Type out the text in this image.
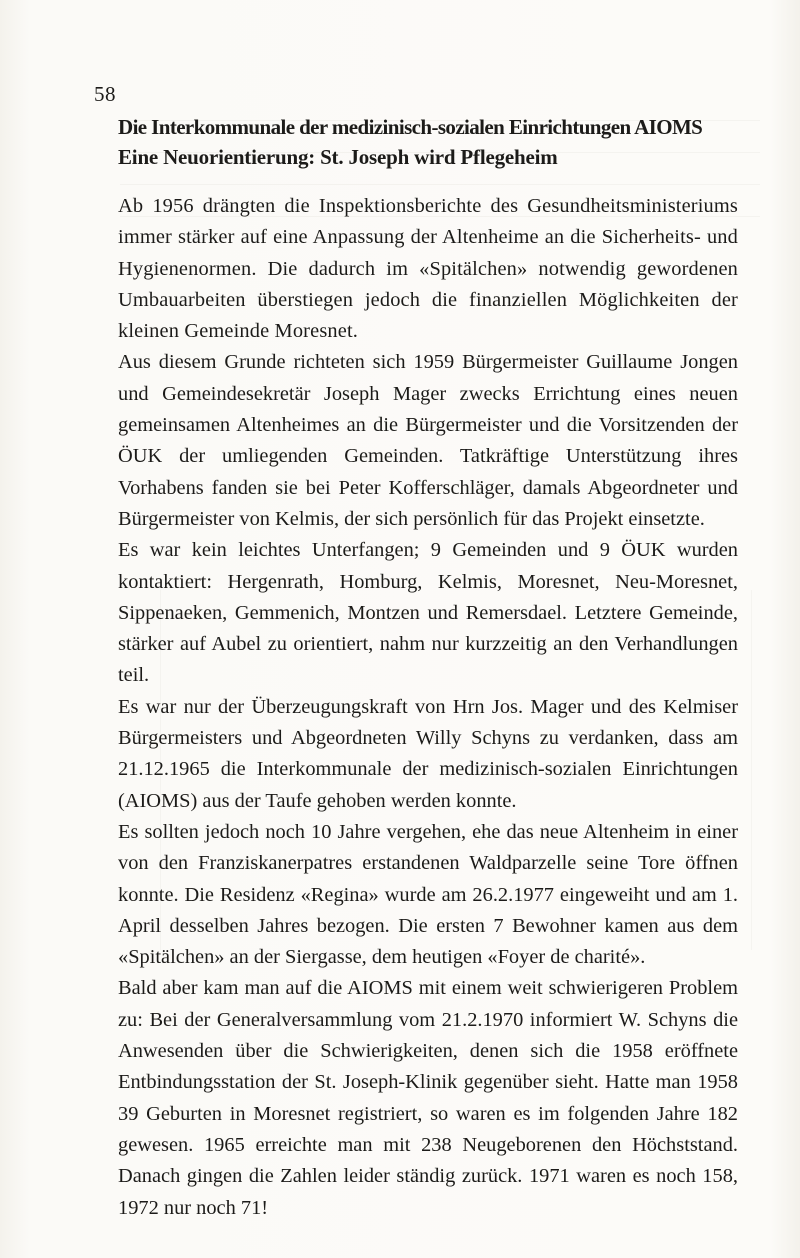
58
Die Interkommunale der medizinisch-sozialen Einrichtungen AIOMS
Eine Neuorientierung: St. Joseph wird Pflegeheim

Ab 1956 drängten die Inspektionsberichte des Gesundheitsministeriums immer stärker auf eine Anpassung der Altenheime an die Sicherheits- und Hygienenormen. Die dadurch im «Spitälchen» notwendig gewordenen Umbauarbeiten überstiegen jedoch die finanziellen Möglichkeiten der kleinen Gemeinde Moresnet.

Aus diesem Grunde richteten sich 1959 Bürgermeister Guillaume Jongen und Gemeindesekretär Joseph Mager zwecks Errichtung eines neuen gemeinsamen Altenheimes an die Bürgermeister und die Vorsitzenden der ÖUK der umliegenden Gemeinden. Tatkräftige Unterstützung ihres Vorhabens fanden sie bei Peter Kofferschläger, damals Abgeordneter und Bürgermeister von Kelmis, der sich persönlich für das Projekt einsetzte.

Es war kein leichtes Unterfangen; 9 Gemeinden und 9 ÖUK wurden kontaktiert: Hergenrath, Homburg, Kelmis, Moresnet, Neu-Moresnet, Sippenaeken, Gemmenich, Montzen und Remersdael. Letztere Gemeinde, stärker auf Aubel zu orientiert, nahm nur kurzzeitig an den Verhandlungen teil.

Es war nur der Überzeugungskraft von Hrn Jos. Mager und des Kelmiser Bürgermeisters und Abgeordneten Willy Schyns zu verdanken, dass am 21.12.1965 die Interkommunale der medizinisch-sozialen Einrichtungen (AIOMS) aus der Taufe gehoben werden konnte.

Es sollten jedoch noch 10 Jahre vergehen, ehe das neue Altenheim in einer von den Franziskanerpatres erstandenen Waldparzelle seine Tore öffnen konnte. Die Residenz «Regina» wurde am 26.2.1977 eingeweiht und am 1. April desselben Jahres bezogen. Die ersten 7 Bewohner kamen aus dem «Spitälchen» an der Siergasse, dem heutigen «Foyer de charité».

Bald aber kam man auf die AIOMS mit einem weit schwierigeren Problem zu: Bei der Generalversammlung vom 21.2.1970 informiert W. Schyns die Anwesenden über die Schwierigkeiten, denen sich die 1958 eröffnete Entbindungsstation der St. Joseph-Klinik gegenüber sieht. Hatte man 1958 39 Geburten in Moresnet registriert, so waren es im folgenden Jahre 182 gewesen. 1965 erreichte man mit 238 Neugeborenen den Höchststand. Danach gingen die Zahlen leider ständig zurück. 1971 waren es noch 158, 1972 nur noch 71!
